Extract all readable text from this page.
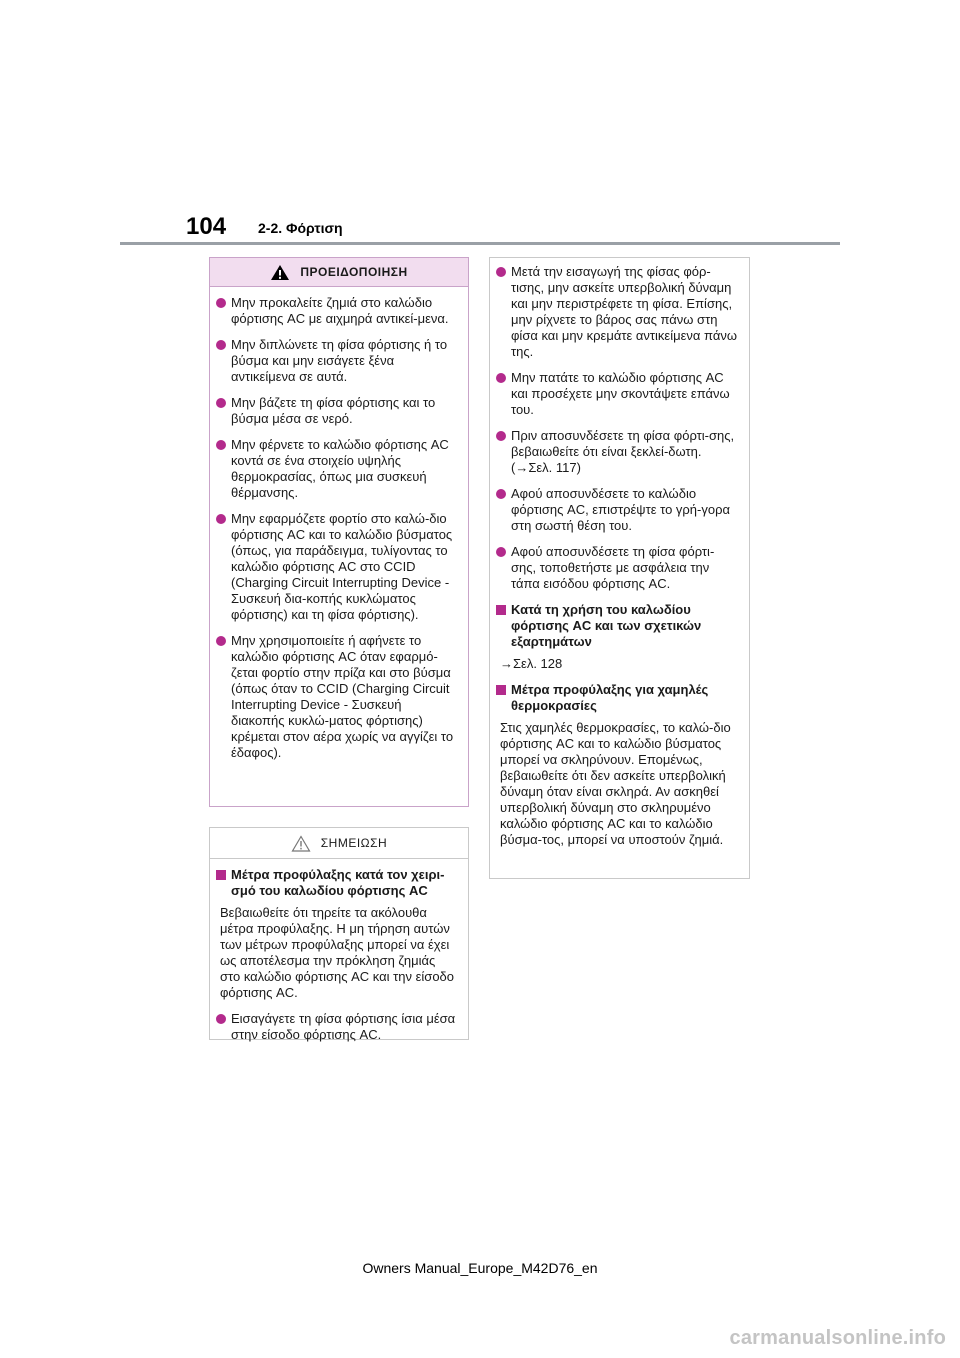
104 2-2. Φόρτιση
ΠΡΟΕΙΔΟΠΟΙΗΣΗ
Μην προκαλείτε ζημιά στο καλώδιο φόρτισης AC με αιχμηρά αντικεί-μενα.
Μην διπλώνετε τη φίσα φόρτισης ή το βύσμα και μην εισάγετε ξένα αντικείμενα σε αυτά.
Μην βάζετε τη φίσα φόρτισης και το βύσμα μέσα σε νερό.
Μην φέρνετε το καλώδιο φόρτισης AC κοντά σε ένα στοιχείο υψηλής θερμοκρασίας, όπως μια συσκευή θέρμανσης.
Μην εφαρμόζετε φορτίο στο καλώ-διο φόρτισης AC και το καλώδιο βύσματος (όπως, για παράδειγμα, τυλίγοντας το καλώδιο φόρτισης AC στο CCID (Charging Circuit Interrupting Device - Συσκευή δια-κοπής κυκλώματος φόρτισης) και τη φίσα φόρτισης).
Μην χρησιμοποιείτε ή αφήνετε το καλώδιο φόρτισης AC όταν εφαρμό-ζεται φορτίο στην πρίζα και στο βύσμα (όπως όταν το CCID (Charging Circuit Interrupting Device - Συσκευή διακοπής κυκλώ-ματος φόρτισης) κρέμεται στον αέρα χωρίς να αγγίζει το έδαφος).
ΣΗΜΕΙΩΣΗ
Μέτρα προφύλαξης κατά τον χειρι-σμό του καλωδίου φόρτισης AC
Βεβαιωθείτε ότι τηρείτε τα ακόλουθα μέτρα προφύλαξης. Η μη τήρηση αυτών των μέτρων προφύλαξης μπορεί να έχει ως αποτέλεσμα την πρόκληση ζημιάς στο καλώδιο φόρτισης AC και την είσοδο φόρτισης AC.
Εισαγάγετε τη φίσα φόρτισης ίσια μέσα στην είσοδο φόρτισης AC.
Μετά την εισαγωγή της φίσας φόρ-τισης, μην ασκείτε υπερβολική δύναμη και μην περιστρέφετε τη φίσα. Επίσης, μην ρίχνετε το βάρος σας πάνω στη φίσα και μην κρεμάτε αντικείμενα πάνω της.
Μην πατάτε το καλώδιο φόρτισης AC και προσέχετε μην σκοντάψετε επάνω του.
Πριν αποσυνδέσετε τη φίσα φόρτι-σης, βεβαιωθείτε ότι είναι ξεκλεί-δωτη. (→Σελ. 117)
Αφού αποσυνδέσετε το καλώδιο φόρτισης AC, επιστρέψτε το γρή-γορα στη σωστή θέση του.
Αφού αποσυνδέσετε τη φίσα φόρτι-σης, τοποθετήστε με ασφάλεια την τάπα εισόδου φόρτισης AC.
Κατά τη χρήση του καλωδίου φόρτισης AC και των σχετικών εξαρτημάτων
→Σελ. 128
Μέτρα προφύλαξης για χαμηλές θερμοκρασίες
Στις χαμηλές θερμοκρασίες, το καλώ-διο φόρτισης AC και το καλώδιο βύσματος μπορεί να σκληρύνουν. Επομένως, βεβαιωθείτε ότι δεν ασκείτε υπερβολική δύναμη όταν είναι σκληρά. Αν ασκηθεί υπερβολική δύναμη στο σκληρυμένο καλώδιο φόρτισης AC και το καλώδιο βύσμα-τος, μπορεί να υποστούν ζημιά.
Owners Manual_Europe_M42D76_en
carmanualsonline.info
